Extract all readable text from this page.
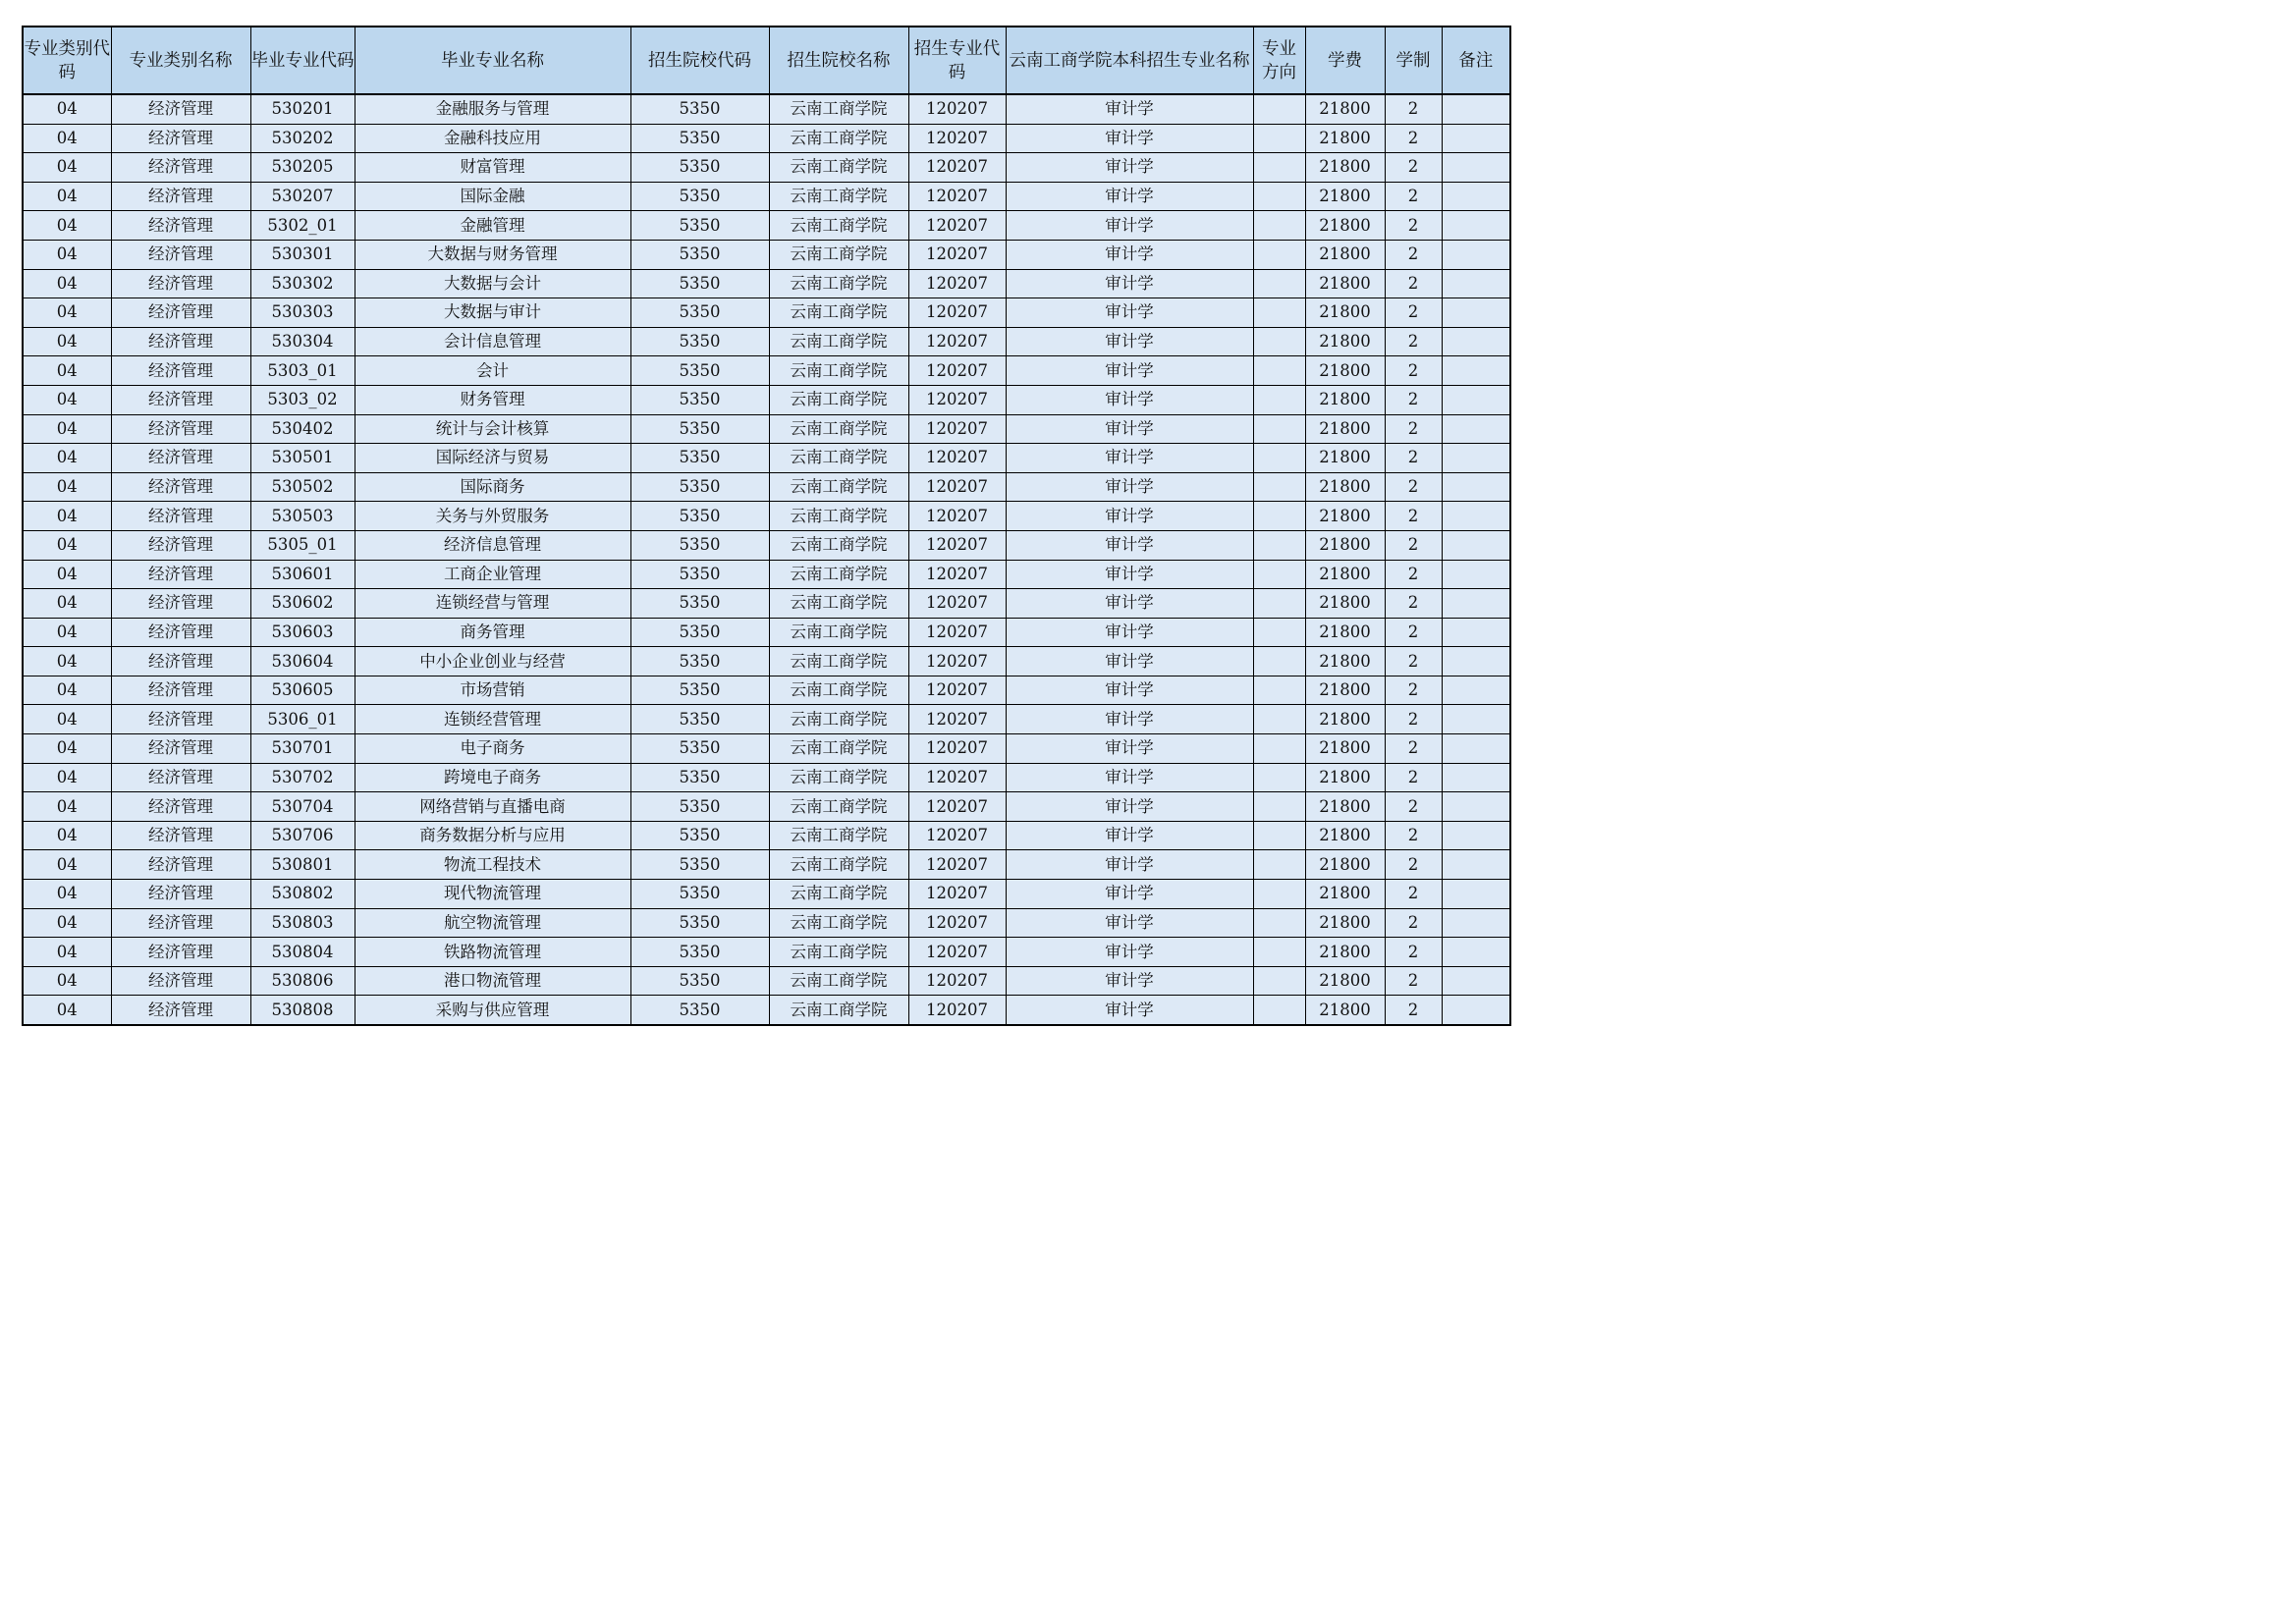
专业类别代码	专业类别名称	毕业专业代码	毕业专业名称	招生院校代码	招生院校名称	招生专业代码	云南工商学院本科招生专业名称	专业方向	学费	学制	备注
04	经济管理	530201	金融服务与管理	5350	云南工商学院	120207	审计学		21800	2	
04	经济管理	530202	金融科技应用	5350	云南工商学院	120207	审计学		21800	2	
04	经济管理	530205	财富管理	5350	云南工商学院	120207	审计学		21800	2	
04	经济管理	530207	国际金融	5350	云南工商学院	120207	审计学		21800	2	
04	经济管理	5302_01	金融管理	5350	云南工商学院	120207	审计学		21800	2	
04	经济管理	530301	大数据与财务管理	5350	云南工商学院	120207	审计学		21800	2	
04	经济管理	530302	大数据与会计	5350	云南工商学院	120207	审计学		21800	2	
04	经济管理	530303	大数据与审计	5350	云南工商学院	120207	审计学		21800	2	
04	经济管理	530304	会计信息管理	5350	云南工商学院	120207	审计学		21800	2	
04	经济管理	5303_01	会计	5350	云南工商学院	120207	审计学		21800	2	
04	经济管理	5303_02	财务管理	5350	云南工商学院	120207	审计学		21800	2	
04	经济管理	530402	统计与会计核算	5350	云南工商学院	120207	审计学		21800	2	
04	经济管理	530501	国际经济与贸易	5350	云南工商学院	120207	审计学		21800	2	
04	经济管理	530502	国际商务	5350	云南工商学院	120207	审计学		21800	2	
04	经济管理	530503	关务与外贸服务	5350	云南工商学院	120207	审计学		21800	2	
04	经济管理	5305_01	经济信息管理	5350	云南工商学院	120207	审计学		21800	2	
04	经济管理	530601	工商企业管理	5350	云南工商学院	120207	审计学		21800	2	
04	经济管理	530602	连锁经营与管理	5350	云南工商学院	120207	审计学		21800	2	
04	经济管理	530603	商务管理	5350	云南工商学院	120207	审计学		21800	2	
04	经济管理	530604	中小企业创业与经营	5350	云南工商学院	120207	审计学		21800	2	
04	经济管理	530605	市场营销	5350	云南工商学院	120207	审计学		21800	2	
04	经济管理	5306_01	连锁经营管理	5350	云南工商学院	120207	审计学		21800	2	
04	经济管理	530701	电子商务	5350	云南工商学院	120207	审计学		21800	2	
04	经济管理	530702	跨境电子商务	5350	云南工商学院	120207	审计学		21800	2	
04	经济管理	530704	网络营销与直播电商	5350	云南工商学院	120207	审计学		21800	2	
04	经济管理	530706	商务数据分析与应用	5350	云南工商学院	120207	审计学		21800	2	
04	经济管理	530801	物流工程技术	5350	云南工商学院	120207	审计学		21800	2	
04	经济管理	530802	现代物流管理	5350	云南工商学院	120207	审计学		21800	2	
04	经济管理	530803	航空物流管理	5350	云南工商学院	120207	审计学		21800	2	
04	经济管理	530804	铁路物流管理	5350	云南工商学院	120207	审计学		21800	2	
04	经济管理	530806	港口物流管理	5350	云南工商学院	120207	审计学		21800	2	
04	经济管理	530808	采购与供应管理	5350	云南工商学院	120207	审计学		21800	2	
